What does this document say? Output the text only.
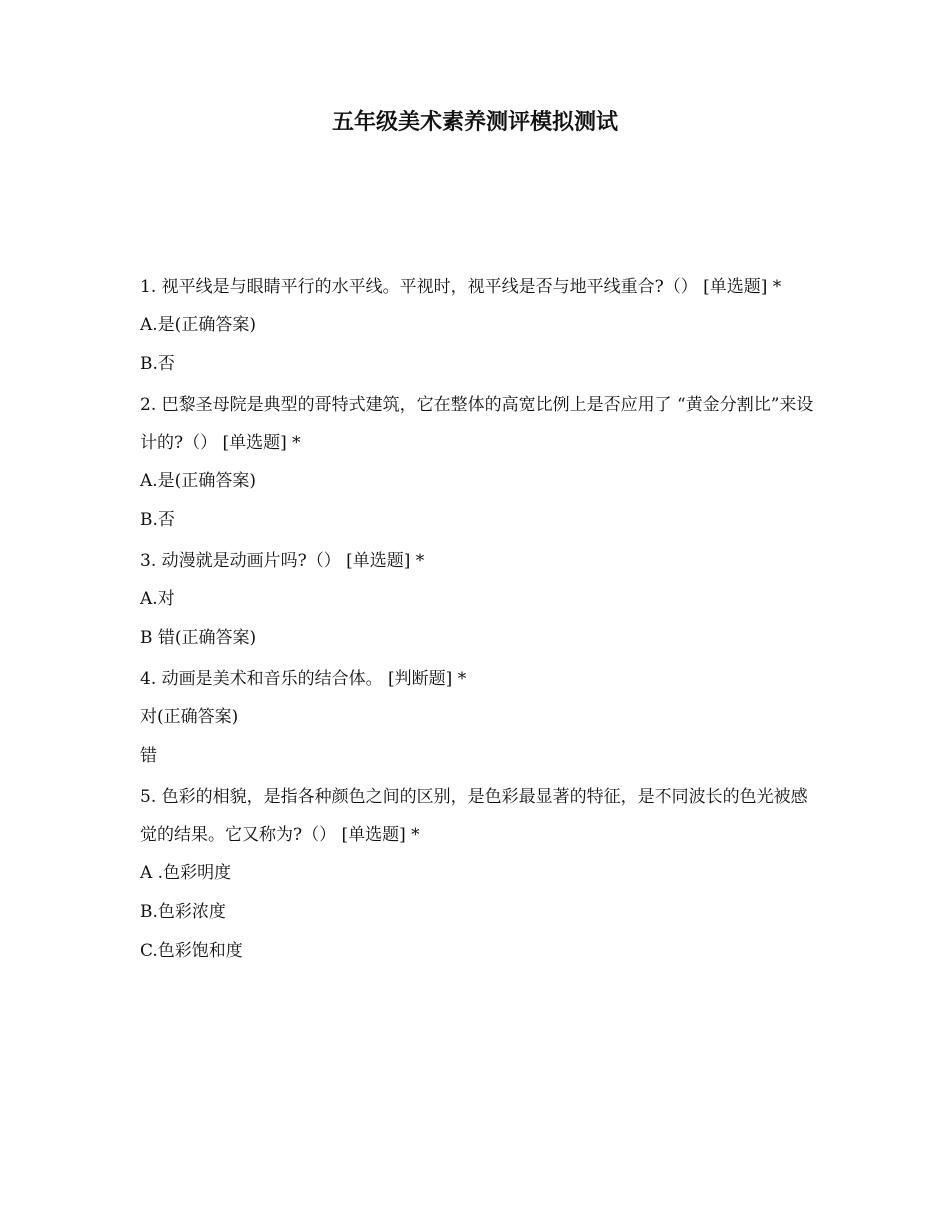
五年级美术素养测评模拟测试

1. 视平线是与眼睛平行的水平线。平视时，视平线是否与地平线重合?（） [单选题] *

A.是(正确答案)

B.否

2. 巴黎圣母院是典型的哥特式建筑，它在整体的高宽比例上是否应用了 “黄金分割比”来设计的?（） [单选题] *

A.是(正确答案)

B.否

3. 动漫就是动画片吗?（） [单选题] *

A.对

B 错(正确答案)

4. 动画是美术和音乐的结合体。 [判断题] *

对(正确答案)

错

5. 色彩的相貌，是指各种颜色之间的区别，是色彩最显著的特征，是不同波长的色光被感觉的结果。它又称为?（） [单选题] *

A .色彩明度

B.色彩浓度

C.色彩饱和度
